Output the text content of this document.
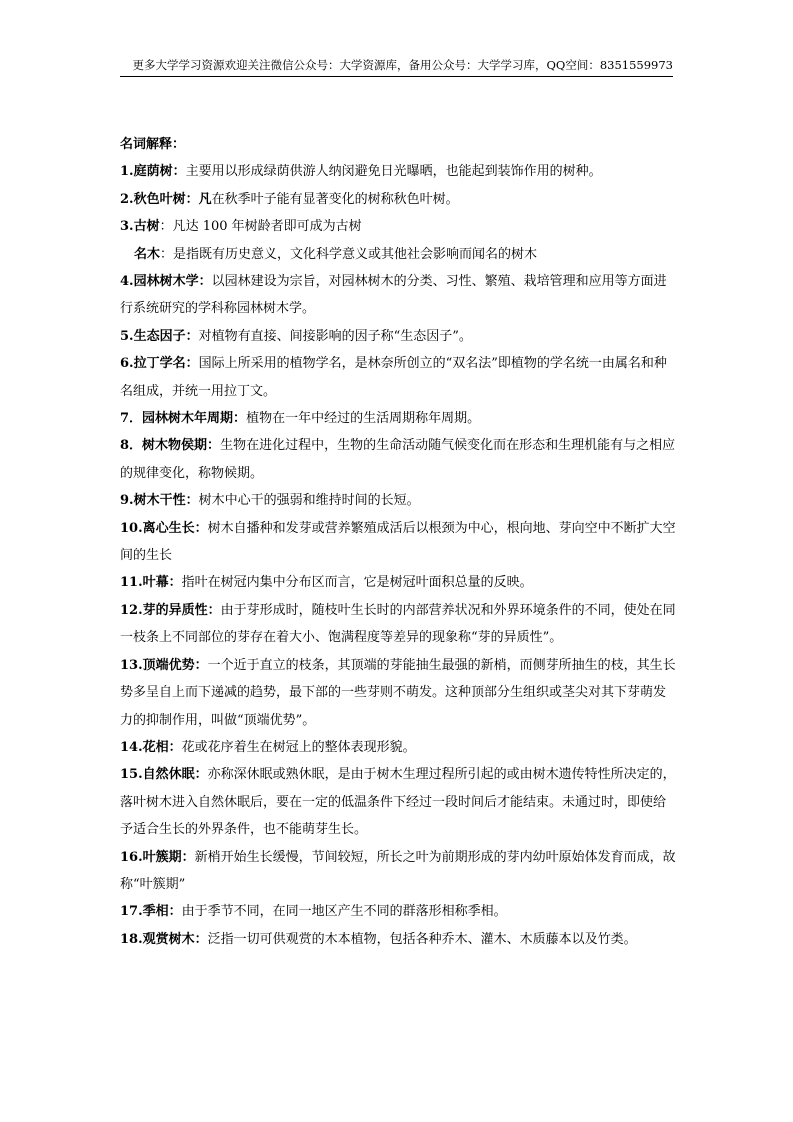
更多大学学习资源欢迎关注微信公众号：大学资源库，备用公众号：大学学习库，QQ空间：8351559973
名词解释：

1.庭荫树：主要用以形成绿荫供游人纳闵避免日光曝晒，也能起到装饰作用的树种。

2.秋色叶树：凡在秋季叶子能有显著变化的树称秋色叶树。

3.古树：凡达 100 年树龄者即可成为古树

名木：是指既有历史意义，文化科学意义或其他社会影响而闻名的树木

4.园林树木学：以园林建设为宗旨，对园林树木的分类、习性、繁殖、栽培管理和应用等方面进行系统研究的学科称园林树木学。

5.生态因子：对植物有直接、间接影响的因子称“生态因子”。

6.拉丁学名：国际上所采用的植物学名，是林奈所创立的“双名法”即植物的学名统一由属名和种名组成，并统一用拉丁文。

7．园林树木年周期：植物在一年中经过的生活周期称年周期。

8．树木物侯期：生物在进化过程中，生物的生命活动随气候变化而在形态和生理机能有与之相应的规律变化，称物候期。

9.树木干性：树木中心干的强弱和维持时间的长短。

10.离心生长：树木自播种和发芽或营养繁殖成活后以根颈为中心，根向地、芽向空中不断扩大空间的生长

11.叶幕：指叶在树冠内集中分布区而言，它是树冠叶面积总量的反映。

12.芽的异质性：由于芽形成时，随枝叶生长时的内部营养状况和外界环境条件的不同，使处在同一枝条上不同部位的芽存在着大小、饱满程度等差异的现象称“芽的异质性”。

13.顶端优势：一个近于直立的枝条，其顶端的芽能抽生最强的新梢，而侧芽所抽生的枝，其生长势多呈自上而下递减的趋势，最下部的一些芽则不萌发。这种顶部分生组织或茎尖对其下芽萌发力的抑制作用，叫做“顶端优势”。

14.花相：花或花序着生在树冠上的整体表现形貌。

15.自然休眠：亦称深休眠或熟休眠，是由于树木生理过程所引起的或由树木遗传特性所决定的，落叶树木进入自然休眠后，要在一定的低温条件下经过一段时间后才能结束。未通过时，即使给予适合生长的外界条件，也不能萌芽生长。

16.叶簇期：新梢开始生长缓慢，节间较短，所长之叶为前期形成的芽内幼叶原始体发育而成，故称“叶簇期”

17.季相：由于季节不同，在同一地区产生不同的群落形相称季相。

18.观赏树木：泛指一切可供观赏的木本植物，包括各种乔木、灌木、木质藤本以及竹类。
